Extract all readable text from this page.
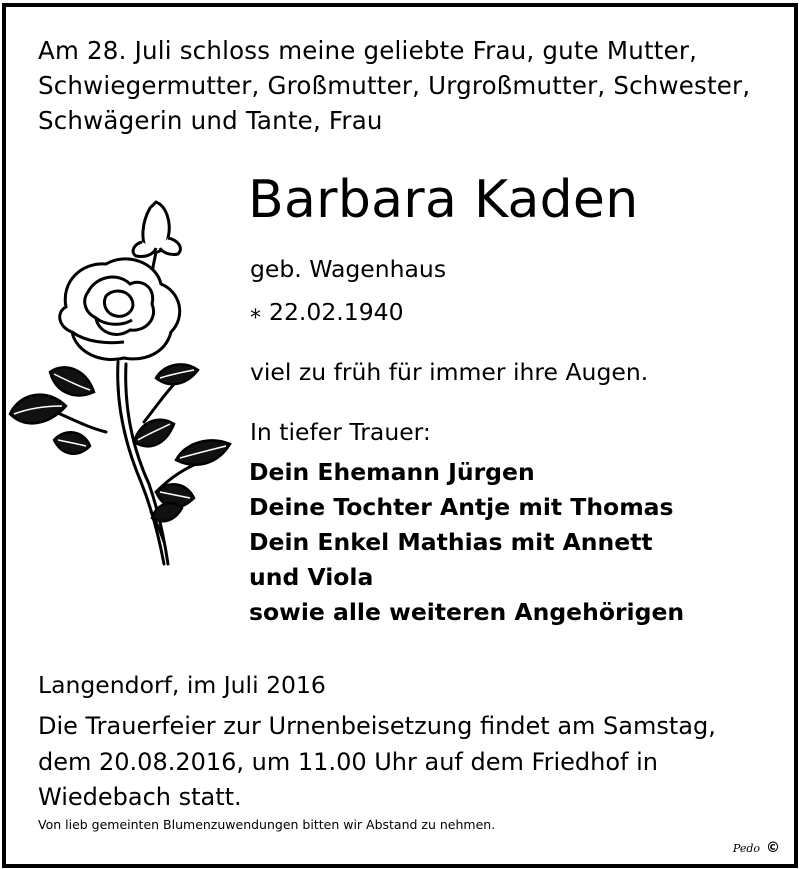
Am 28. Juli schloss meine geliebte Frau, gute Mutter,
Schwiegermutter, Großmutter, Urgroßmutter, Schwester,
Schwägerin und Tante, Frau
Barbara Kaden
geb. Wagenhaus
⁎ 22.02.1940
viel zu früh für immer ihre Augen.
In tiefer Trauer:
Dein Ehemann Jürgen
Deine Tochter Antje mit Thomas
Dein Enkel Mathias mit Annett
und Viola
sowie alle weiteren Angehörigen
Langendorf, im Juli 2016
Die Trauerfeier zur Urnenbeisetzung findet am Samstag,
dem 20.08.2016, um 11.00 Uhr auf dem Friedhof in
Wiedebach statt.
Von lieb gemeinten Blumenzuwendungen bitten wir Abstand zu nehmen.
Pedo ©
